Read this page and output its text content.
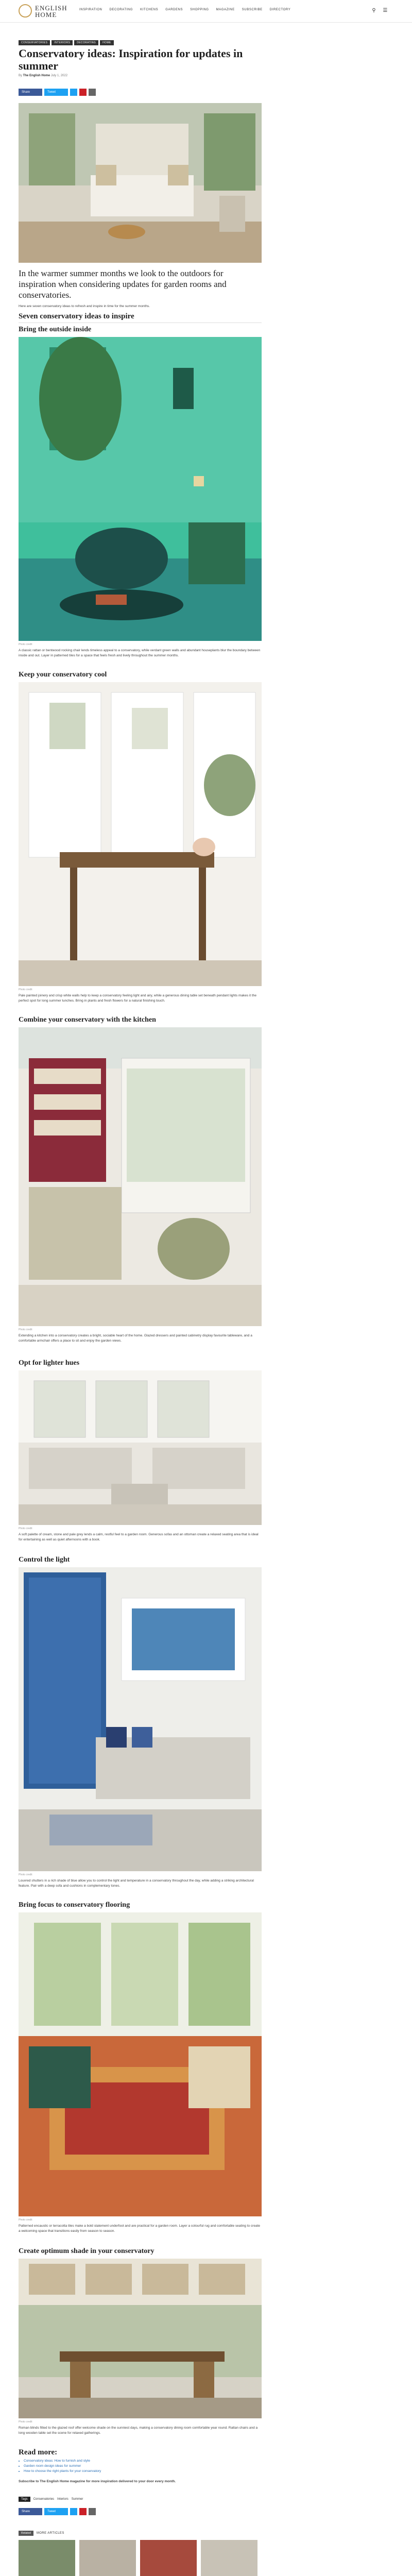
ENGLISH
HOME
INSPIRATION DECORATING KITCHENS GARDENS SHOPPING MAGAZINE SUBSCRIBE DIRECTORY	⚲ ☰
CONSERVATORIES	INTERIORS	DECORATING	HOME
Conservatory ideas: Inspiration for updates in summer
By The English Home July 1, 2022
Share	Tweet

In the warmer summer months we look to the outdoors for inspiration when considering updates for garden rooms and conservatories.

Here are seven conservatory ideas to refresh and inspire in time for the summer months.

Seven conservatory ideas to inspire
Bring the outside inside

Photo credit

A classic rattan or bentwood rocking chair lends timeless appeal to a conservatory, while verdant green walls and abundant houseplants blur the boundary between inside and out. Layer in patterned tiles for a space that feels fresh and lively throughout the summer months.

Keep your conservatory cool

Photo credit

Pale painted joinery and crisp white walls help to keep a conservatory feeling light and airy, while a generous dining table set beneath pendant lights makes it the perfect spot for long summer lunches. Bring in plants and fresh flowers for a natural finishing touch.

Combine your conservatory with the kitchen

Photo credit

Extending a kitchen into a conservatory creates a bright, sociable heart of the home. Glazed dressers and painted cabinetry display favourite tableware, and a comfortable armchair offers a place to sit and enjoy the garden views.

Opt for lighter hues

Photo credit

A soft palette of cream, stone and pale grey lends a calm, restful feel to a garden room. Generous sofas and an ottoman create a relaxed seating area that is ideal for entertaining as well as quiet afternoons with a book.

Control the light

Photo credit

Louvred shutters in a rich shade of blue allow you to control the light and temperature in a conservatory throughout the day, while adding a striking architectural feature. Pair with a deep sofa and cushions in complementary tones.

Bring focus to conservatory flooring

Photo credit

Patterned encaustic or terracotta tiles make a bold statement underfoot and are practical for a garden room. Layer a colourful rug and comfortable seating to create a welcoming space that transitions easily from season to season.

Create optimum shade in your conservatory

Photo credit

Roman blinds fitted to the glazed roof offer welcome shade on the sunniest days, making a conservatory dining room comfortable year round. Rattan chairs and a long wooden table set the scene for relaxed gatherings.

Read more:
• Conservatory ideas: How to furnish and style
• Garden room design ideas for summer
• How to choose the right plants for your conservatory

Subscribe to The English Home magazine for more inspiration delivered to your door every month.

Tags	Conservatories Interiors Summer
Share	Tweet
Related	MORE ARTICLES
